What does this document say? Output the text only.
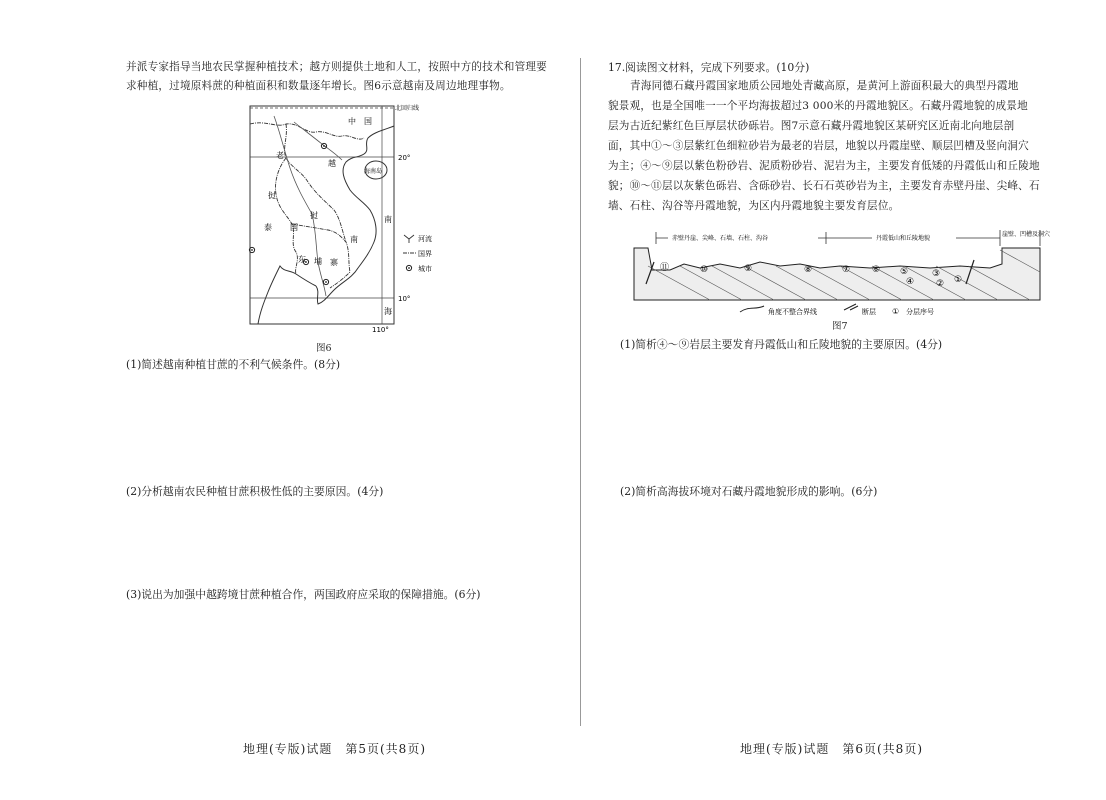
并派专家指导当地农民掌握种植技术；越方则提供土地和人工，按照中方的技术和管理要
求种植，过境原料蔗的种植面积和数量逐年增长。图6示意越南及周边地理事物。
北回归线
20°
10°
110°
中　国
海南岛
越
老
挝
挝
泰 国
南
东 埔 寨
南
海
河流
国界
城市
图6
(1)简述越南种植甘蔗的不利气候条件。(8分)
(2)分析越南农民种植甘蔗积极性低的主要原因。(4分)
(3)说出为加强中越跨境甘蔗种植合作，两国政府应采取的保障措施。(6分)
地理(专版)试题　第5页(共8页)
17.阅读图文材料，完成下列要求。(10分)
青海同德石藏丹霞国家地质公园地处青藏高原，是黄河上游面积最大的典型丹霞地
貌景观，也是全国唯一一个平均海拔超过3 000米的丹霞地貌区。石藏丹霞地貌的成景地
层为古近纪紫红色巨厚层状砂砾岩。图7示意石藏丹霞地貌区某研究区近南北向地层剖
面，其中①～③层紫红色细粒砂岩为最老的岩层，地貌以丹霞崖壁、顺层凹槽及竖向洞穴
为主；④～⑨层以紫色粉砂岩、泥质粉砂岩、泥岩为主，主要发育低矮的丹霞低山和丘陵地
貌；⑩～⑪层以灰紫色砾岩、含砾砂岩、长石石英砂岩为主，主要发育赤壁丹崖、尖峰、石
墙、石柱、沟谷等丹霞地貌，为区内丹霞地貌主要发育层位。
赤壁丹崖、尖峰、石墙、石柱、沟谷	丹霞低山和丘陵地貌
崖壁、凹槽及洞穴
⑪	⑩	⑨	⑧	⑦ ⑥ ⑤
④
③
② ①
角度不整合界线	断层 ① 分层序号
图7
(1)简析④～⑨岩层主要发育丹霞低山和丘陵地貌的主要原因。(4分)
(2)简析高海拔环境对石藏丹霞地貌形成的影响。(6分)
地理(专版)试题　第6页(共8页)
